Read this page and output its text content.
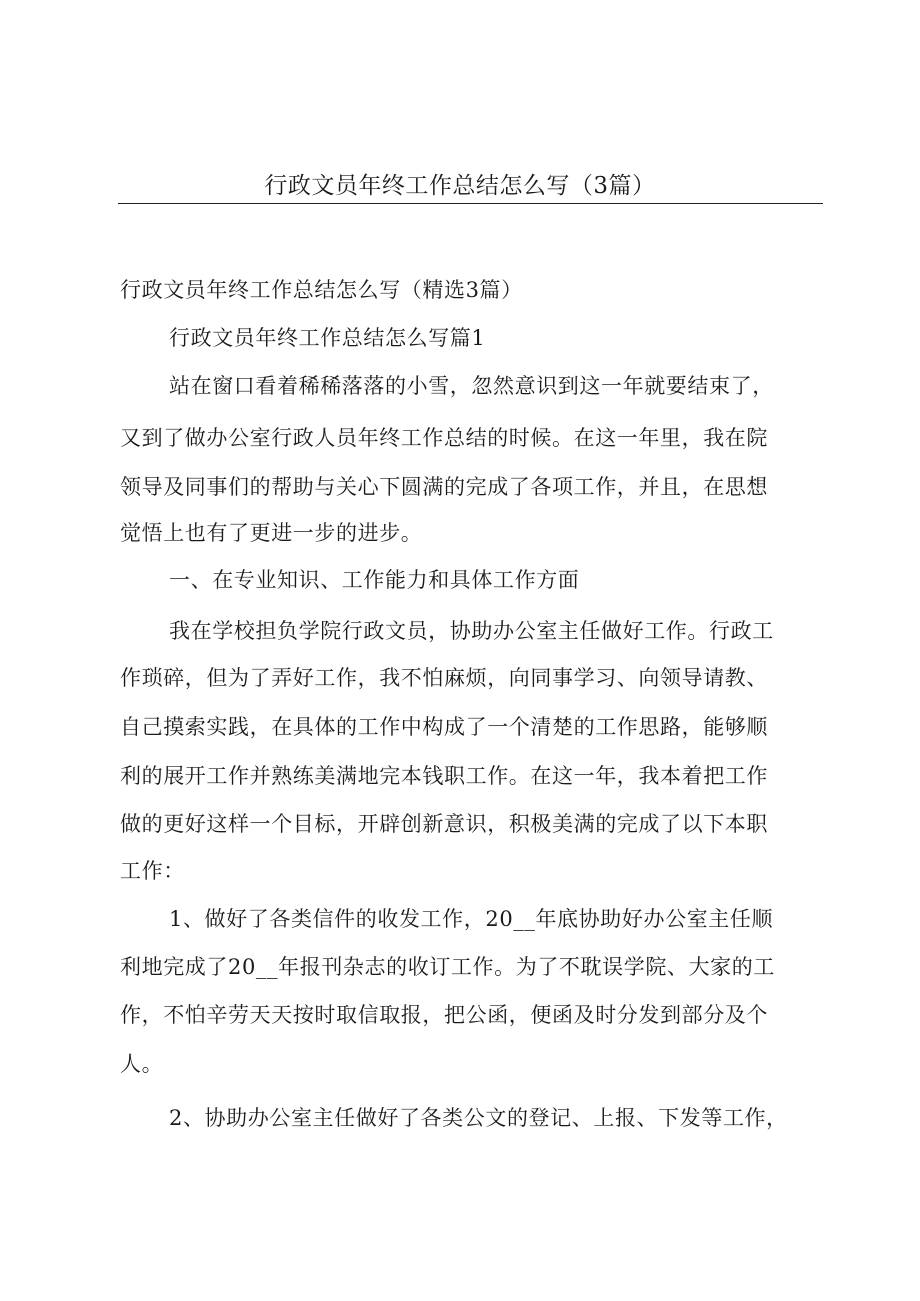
行政文员年终工作总结怎么写（3篇）
行政文员年终工作总结怎么写（精选3篇）
行政文员年终工作总结怎么写篇1
站在窗口看着稀稀落落的小雪，忽然意识到这一年就要结束了，
又到了做办公室行政人员年终工作总结的时候。在这一年里，我在院
领导及同事们的帮助与关心下圆满的完成了各项工作，并且，在思想
觉悟上也有了更进一步的进步。
一、在专业知识、工作能力和具体工作方面
我在学校担负学院行政文员，协助办公室主任做好工作。行政工
作琐碎，但为了弄好工作，我不怕麻烦，向同事学习、向领导请教、
自己摸索实践，在具体的工作中构成了一个清楚的工作思路，能够顺
利的展开工作并熟练美满地完本钱职工作。在这一年，我本着把工作
做的更好这样一个目标，开辟创新意识，积极美满的完成了以下本职
工作：
1、做好了各类信件的收发工作，20__年底协助好办公室主任顺
利地完成了20__年报刊杂志的收订工作。为了不耽误学院、大家的工
作，不怕辛劳天天按时取信取报，把公函，便函及时分发到部分及个
人。
2、协助办公室主任做好了各类公文的登记、上报、下发等工作，
